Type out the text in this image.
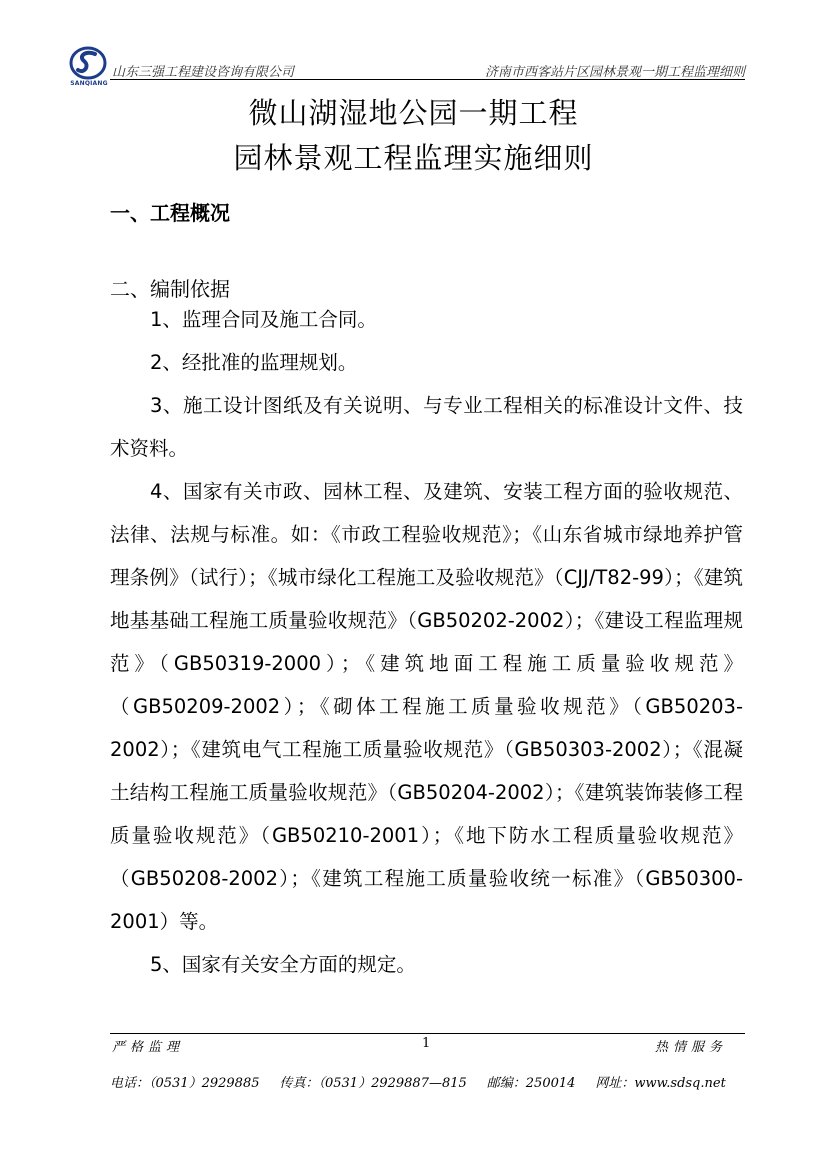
SANQIANG
山东三强工程建设咨询有限公司	济南市西客站片区园林景观一期工程监理细则
微山湖湿地公园一期工程
园林景观工程监理实施细则
一、工程概况
二、编制依据

1、监理合同及施工合同。

2、经批准的监理规划。

3、施工设计图纸及有关说明、与专业工程相关的标准设计文件、技术资料。

4、国家有关市政、园林工程、及建筑、安装工程方面的验收规范、法律、法规与标准。如：《市政工程验收规范》；《山东省城市绿地养护管理条例》（试行）；《城市绿化工程施工及验收规范》（CJJ/T82-99）；《建筑地基基础工程施工质量验收规范》（GB50202-2002）；《建设工程监理规范》（GB50319-2000）；《建筑地面工程施工质量验收规范》（GB50209-2002）；《砌体工程施工质量验收规范》（GB50203-2002）；《建筑电气工程施工质量验收规范》（GB50303-2002）；《混凝土结构工程施工质量验收规范》（GB50204-2002）；《建筑装饰装修工程质量验收规范》（GB50210-2001）；《地下防水工程质量验收规范》（GB50208-2002）；《建筑工程施工质量验收统一标准》（GB50300-2001）等。

5、国家有关安全方面的规定。

严格监理	1	热情服务
电话：（0531）2929885 传真：（0531）2929887—815 邮编：250014 网址：www.sdsq.net
